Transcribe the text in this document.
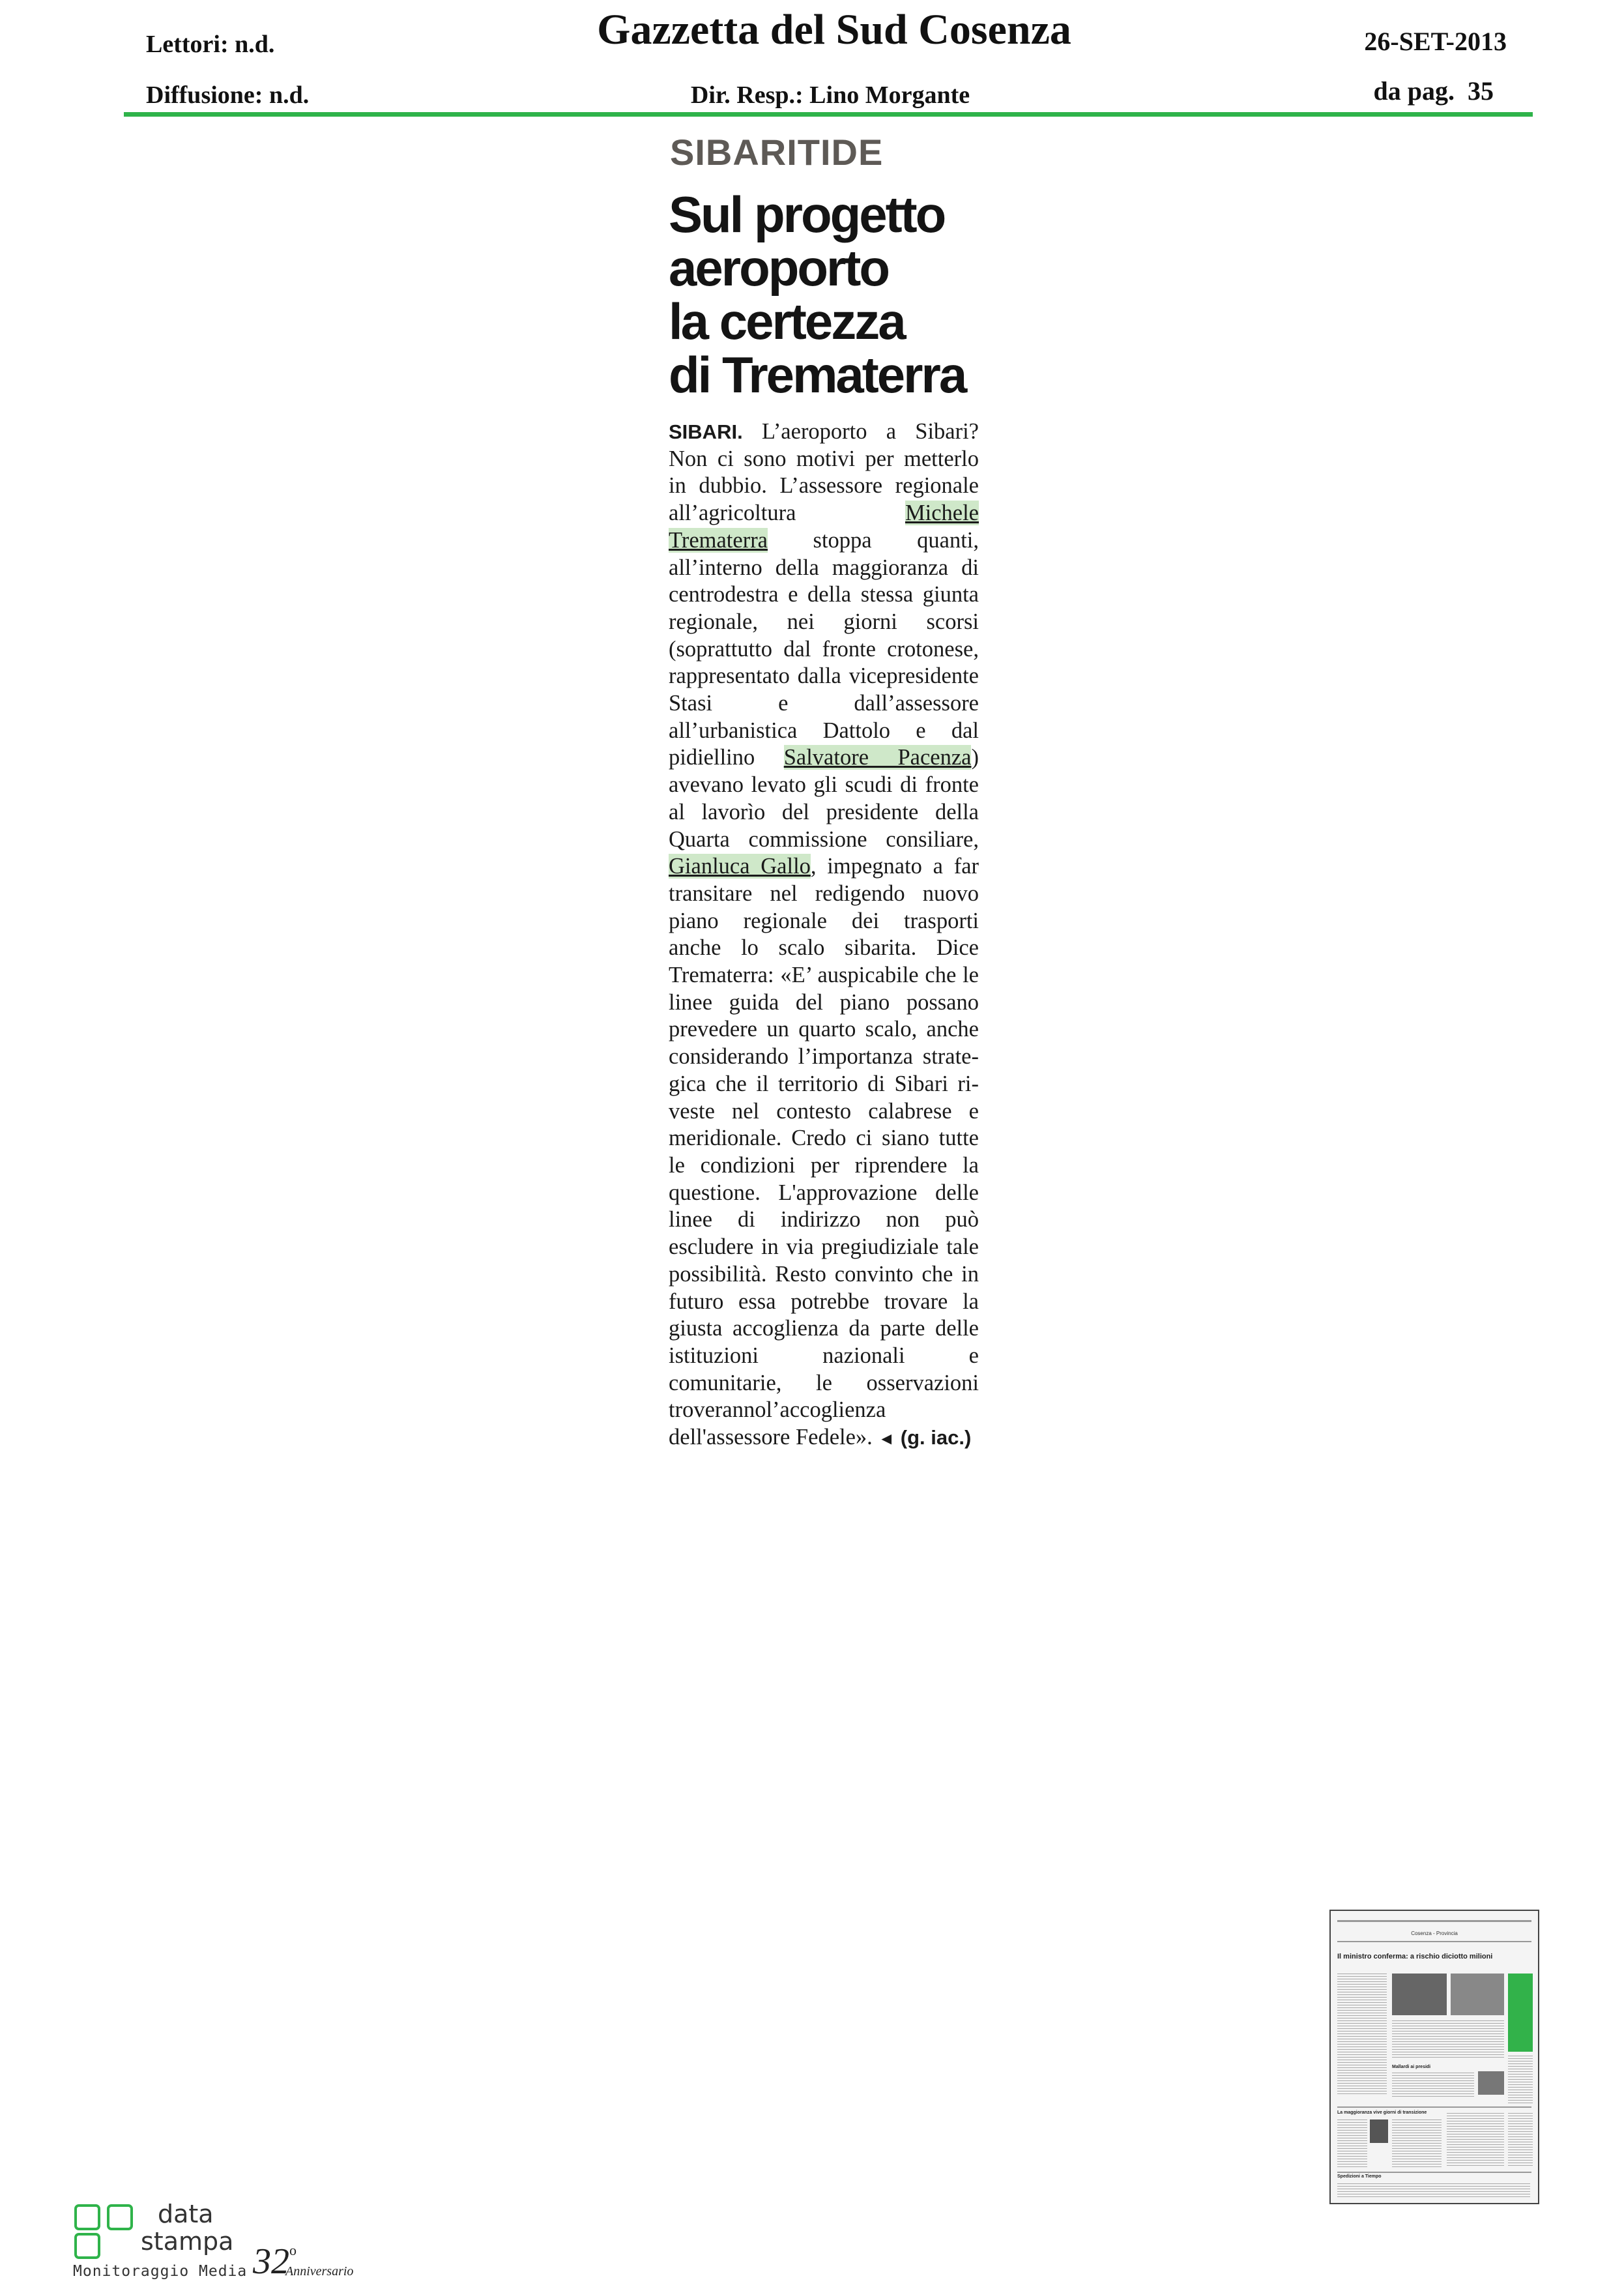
Lettori: n.d.	Gazzetta del Sud Cosenza	26-SET-2013
Diffusione: n.d.	Dir. Resp.: Lino Morgante	da pag. 35
SIBARITIDE
Sul progetto
aeroporto
la certezza
di Trematerra

SIBARI. L’aeroporto a Sibari? Non ci sono motivi per metterlo in dubbio. L’assessore regionale all’agricoltura Michele Trematerra stoppa quanti, all’interno della maggioranza di centrodestra e della stessa giunta regionale, nei giorni scorsi (soprattutto dal fronte crotonese, rappresentato dalla vicepresidente Stasi e dall’assessore all’urbanistica Dattolo e dal pidiellino Salvatore Pacenza) avevano levato gli scudi di fronte al lavorìo del presidente della Quarta commissione consiliare, Gianluca Gallo, impegnato a far transitare nel redigendo nuovo piano regionale dei trasporti anche lo scalo sibarita. Dice Trematerra: «E’ auspicabile che le linee guida del piano possano prevedere un quarto scalo, anche considerando l’importanza strategica che il territorio di Sibari riveste nel contesto calabrese e meridionale. Credo ci siano tutte le condizioni per riprendere la questione. L'approvazione delle linee di indirizzo non può escludere in via pregiudiziale tale possibilità. Resto convinto che in futuro essa potrebbe trovare la giusta accoglienza da parte delle istituzioni nazionali e comunitarie, le osservazioni troverannol’accoglienza dell'assessore Fedele». ◄ (g. iac.)

Cosenza - Provincia
Il ministro conferma: a rischio diciotto milioni
Mallardi ai presidi
La maggioranza vive giorni di transizione
Spedizioni a Tiempo
data
stampa
Monitoraggio Media 32 o
Anniversario
